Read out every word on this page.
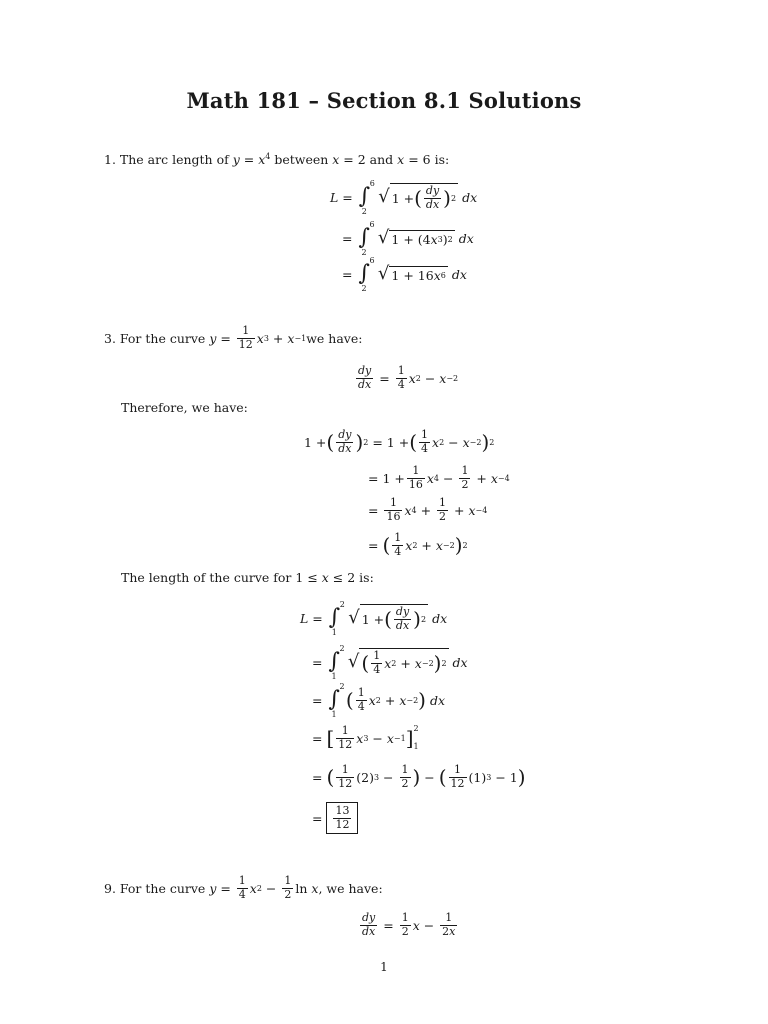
Math 181 – Section 8.1 Solutions
1. The arc length of $y = x^4$ between x = 2 and x = 6 is:
L = ∫
6
2
√ 1 + ( $\frac{dy}{dx}$ ) 2
dx
= ∫
6
2
√ 1 + (4 x 3 ) 2
dx
= ∫
6
2
√ 1 + 16 x 6
dx
3.
For the curve
$y = \frac{1}{12}$ x 3 + x −1 we have:
$\frac{dy}{dx} = \frac{1}{4}$ x 2 − x −2
Therefore, we have:
1 + ( $\frac{dy}{dx}$ ) 2 = 1 + ( $\frac{1}{4}$ x 2 − x −2 ) 2
= $1 + \frac{1}{16}$ x $4 - \frac{1}{2} + x -4$
= $\frac{1}{16}$ x $4 + \frac{1}{2} + x -4$
= ( $\frac{1}{4}$ x 2 + x −2 ) 2
The length of the curve for 1 ≤ x ≤ 2 is:
L = ∫
2
1
√ 1 + ( $\frac{dy}{dx}$ ) 2
dx
= ∫
2
1
√ ( $\frac{1}{4}$ x 2 + x −2 ) 2
dx
= ∫
2
1
( $\frac{1}{4}$ x 2 + x −2 )
dx
= [ $\frac{1}{12}$ x 3 − x −1 ] 2
1
= ( $\frac{1}{12} (2) 3 - \frac{1}{2}$ ) − ( $\frac{1}{12} (1) 3 - 1$ )
= $\frac{13}{12}$
9.
For the curve
$y = \frac{1}{4}$ x $2 - \frac{1}{2}$ ln x , we have:
$\frac{dy}{dx} = \frac{1}{2}$ $x - \frac{1}{2x}$
1
